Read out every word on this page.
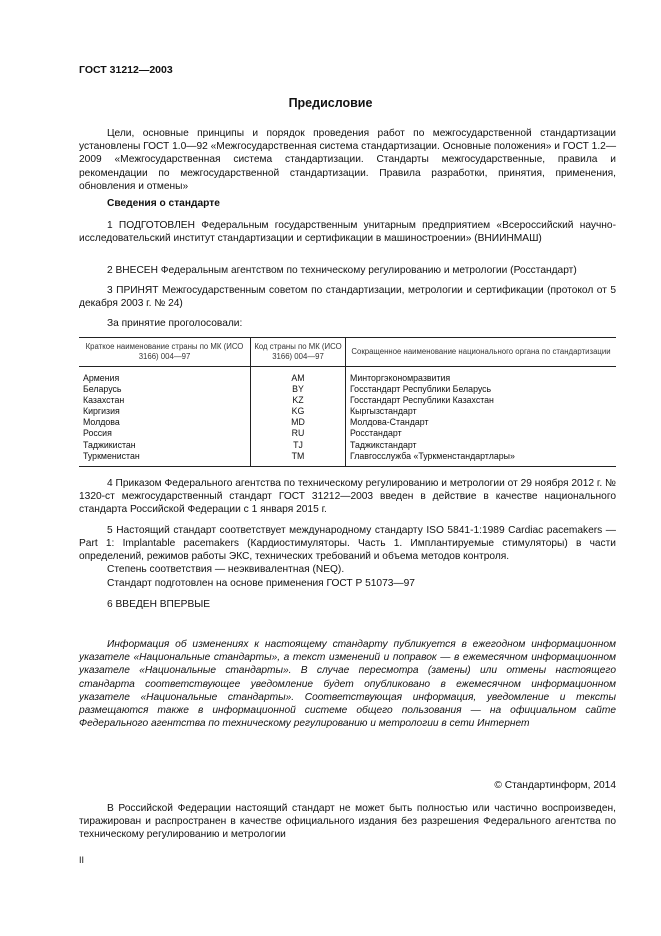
ГОСТ 31212—2003
Предисловие
Цели, основные принципы и порядок проведения работ по межгосударственной стандартизации установлены ГОСТ 1.0—92 «Межгосударственная система стандартизации. Основные положения» и ГОСТ 1.2—2009 «Межгосударственная система стандартизации. Стандарты межгосударственные, правила и рекомендации по межгосударственной стандартизации. Правила разработки, принятия, применения, обновления и отмены»
Сведения о стандарте
1 ПОДГОТОВЛЕН Федеральным государственным унитарным предприятием «Всероссийский научно-исследовательский институт стандартизации и сертификации в машиностроении» (ВНИИНМАШ)
2 ВНЕСЕН Федеральным агентством по техническому регулированию и метрологии (Росстандарт)
3 ПРИНЯТ Межгосударственным советом по стандартизации, метрологии и сертификации (протокол от 5 декабря 2003 г. № 24)
За принятие проголосовали:
Краткое наименование страны по МК (ИСО 3166) 004—97	Код страны по МК (ИСО 3166) 004—97	Сокращенное наименование национального органа по стандартизации
Армения	AM	Минторгэкономразвития
Беларусь	BY	Госстандарт Республики Беларусь
Казахстан	KZ	Госстандарт Республики Казахстан
Киргизия	KG	Кыргызстандарт
Молдова	MD	Молдова-Стандарт
Россия	RU	Росстандарт
Таджикистан	TJ	Таджикстандарт
Туркменистан	TM	Главгосслужба «Туркменстандартлары»
4 Приказом Федерального агентства по техническому регулированию и метрологии от 29 ноября 2012 г. № 1320-ст межгосударственный стандарт ГОСТ 31212—2003 введен в действие в качестве национального стандарта Российской Федерации с 1 января 2015 г.
5 Настоящий стандарт соответствует международному стандарту ISO 5841-1:1989 Cardiac pacemakers — Part 1: Implantable pacemakers (Кардиостимуляторы. Часть 1. Имплантируемые стимуляторы) в части определений, режимов работы ЭКС, технических требований и объема методов контроля.
Степень соответствия — неэквивалентная (NEQ).
Стандарт подготовлен на основе применения ГОСТ Р 51073—97
6 ВВЕДЕН ВПЕРВЫЕ
Информация об изменениях к настоящему стандарту публикуется в ежегодном информационном указателе «Национальные стандарты», а текст изменений и поправок — в ежемесячном информационном указателе «Национальные стандарты». В случае пересмотра (замены) или отмены настоящего стандарта соответствующее уведомление будет опубликовано в ежемесячном информационном указателе «Национальные стандарты». Соответствующая информация, уведомление и тексты размещаются также в информационной системе общего пользования — на официальном сайте Федерального агентства по техническому регулированию и метрологии в сети Интернет
© Стандартинформ, 2014
В Российской Федерации настоящий стандарт не может быть полностью или частично воспроизведен, тиражирован и распространен в качестве официального издания без разрешения Федерального агентства по техническому регулированию и метрологии
II
